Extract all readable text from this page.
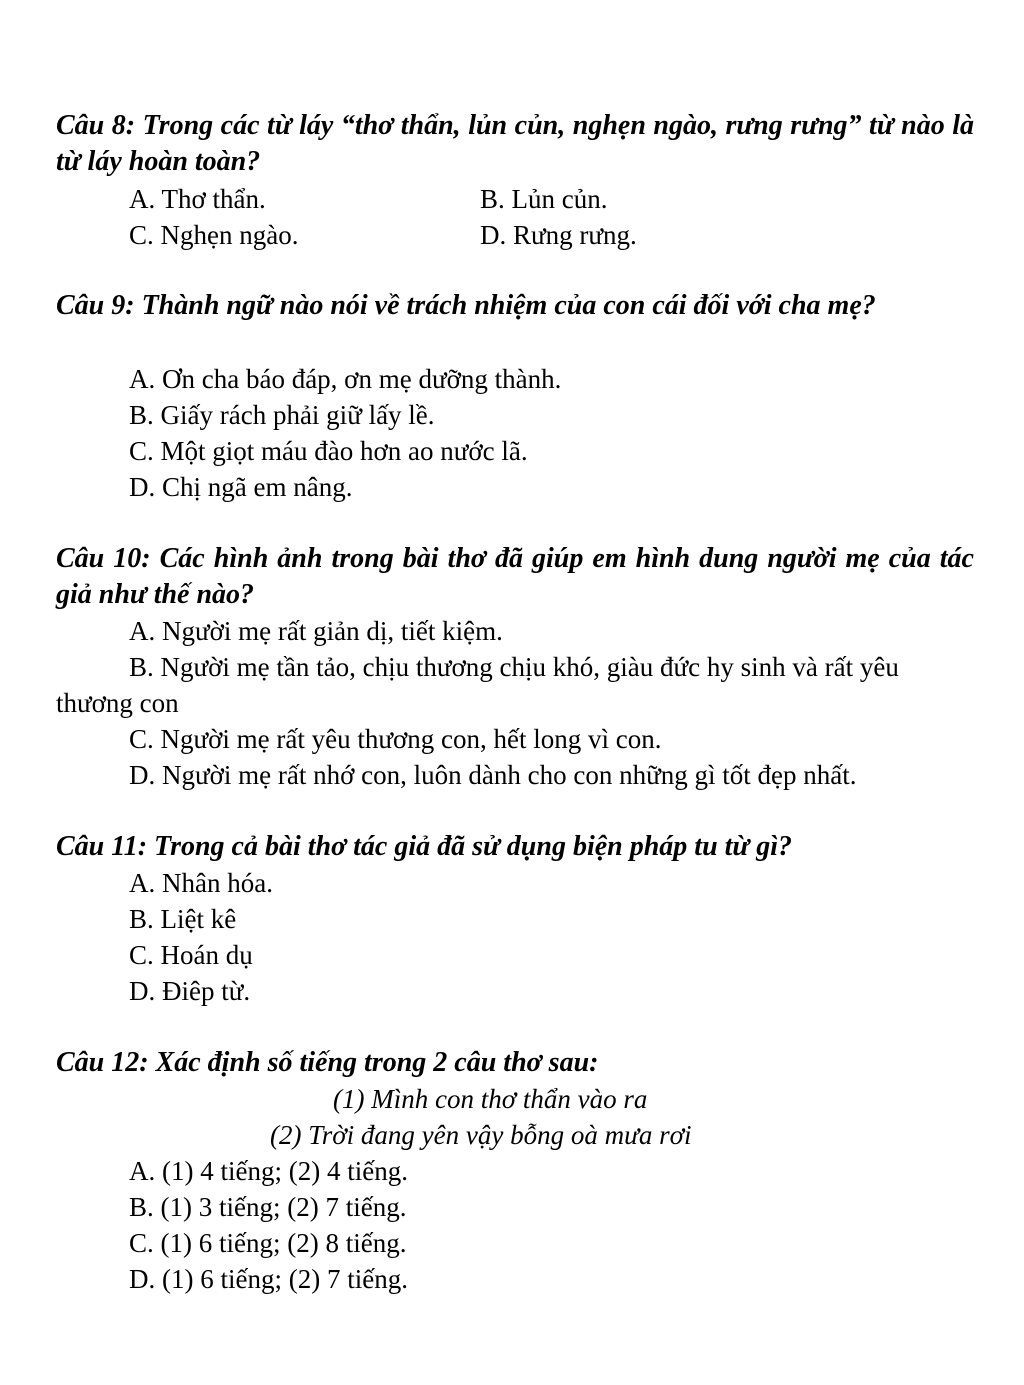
Câu 8: Trong các từ láy “thơ thẩn, lủn củn, nghẹn ngào, rưng rưng” từ nào là từ láy hoàn toàn?

A. Thơ thẩn.	B. Lủn củn.

C. Nghẹn ngào.	D. Rưng rưng.

Câu 9: Thành ngữ nào nói về trách nhiệm của con cái đối với cha mẹ?

A. Ơn cha báo đáp, ơn mẹ dưỡng thành.

B. Giấy rách phải giữ lấy lề.

C. Một giọt máu đào hơn ao nước lã.

D. Chị ngã em nâng.

Câu 10: Các hình ảnh trong bài thơ đã giúp em hình dung người mẹ của tác giả như thế nào?

A. Người mẹ rất giản dị, tiết kiệm.

B. Người mẹ tần tảo, chịu thương chịu khó, giàu đức hy sinh và rất yêu thương con

C. Người mẹ rất yêu thương con, hết long vì con.

D. Người mẹ rất nhớ con, luôn dành cho con những gì tốt đẹp nhất.

Câu 11: Trong cả bài thơ tác giả đã sử dụng biện pháp tu từ gì?

A. Nhân hóa.

B. Liệt kê

C. Hoán dụ

D. Điêp từ.

Câu 12: Xác định số tiếng trong 2 câu thơ sau:

(1) Mình con thơ thẩn vào ra

(2) Trời đang yên vậy bỗng oà mưa rơi

A. (1) 4 tiếng; (2) 4 tiếng.

B. (1) 3 tiếng; (2) 7 tiếng.

C. (1) 6 tiếng; (2) 8 tiếng.

D. (1) 6 tiếng; (2) 7 tiếng.
